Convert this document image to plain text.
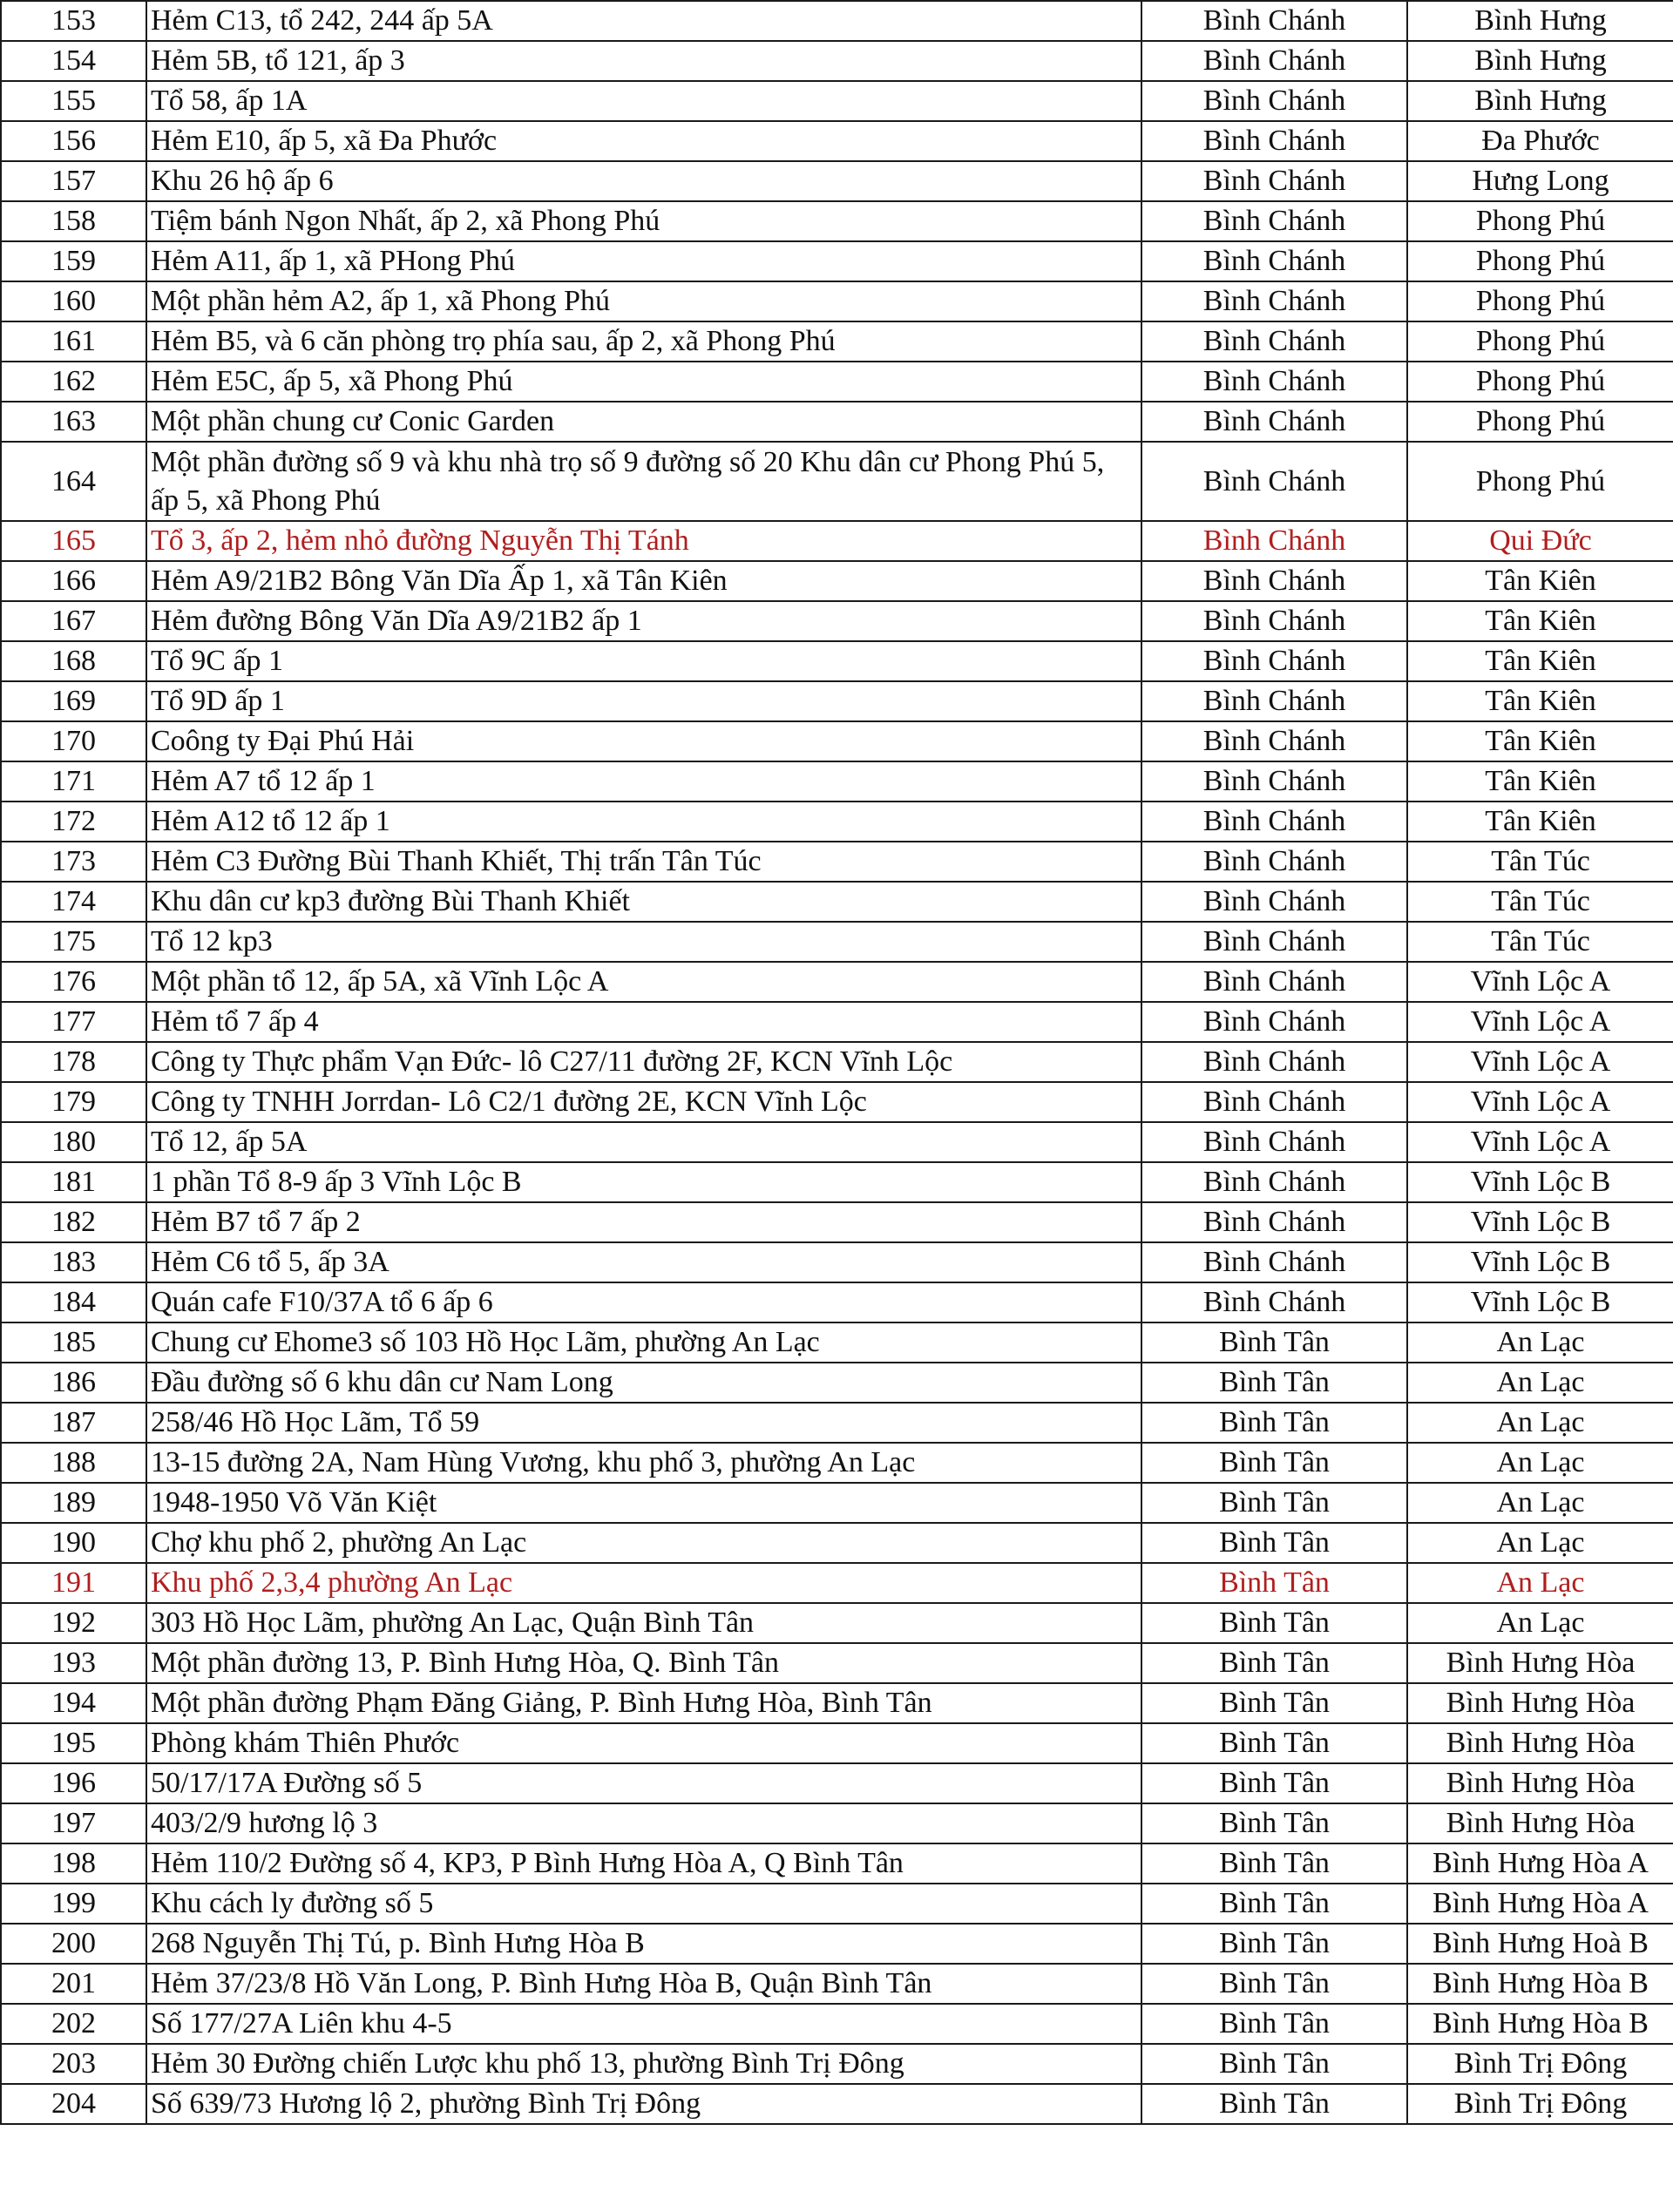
153	Hẻm C13, tổ 242, 244 ấp 5A	Bình Chánh	Bình Hưng
154	Hẻm 5B, tổ 121, ấp 3	Bình Chánh	Bình Hưng
155	Tổ 58, ấp 1A	Bình Chánh	Bình Hưng
156	Hẻm E10, ấp 5, xã Đa Phước	Bình Chánh	Đa Phước
157	Khu 26 hộ ấp 6	Bình Chánh	Hưng Long
158	Tiệm bánh Ngon Nhất, ấp 2, xã Phong Phú	Bình Chánh	Phong Phú
159	Hẻm A11, ấp 1, xã PHong Phú	Bình Chánh	Phong Phú
160	Một phần hẻm A2, ấp 1, xã Phong Phú	Bình Chánh	Phong Phú
161	Hẻm B5, và 6 căn phòng trọ phía sau, ấp 2, xã Phong Phú	Bình Chánh	Phong Phú
162	Hẻm E5C, ấp 5, xã Phong Phú	Bình Chánh	Phong Phú
163	Một phần chung cư Conic Garden	Bình Chánh	Phong Phú
164	Một phần đường số 9 và khu nhà trọ số 9 đường số 20 Khu dân cư Phong Phú 5, ấp 5, xã Phong Phú	Bình Chánh	Phong Phú
165	Tổ 3, ấp 2, hẻm nhỏ đường Nguyễn Thị Tánh	Bình Chánh	Qui Đức
166	Hẻm A9/21B2 Bông Văn Dĩa Ấp 1, xã Tân Kiên	Bình Chánh	Tân Kiên
167	Hẻm đường Bông Văn Dĩa A9/21B2 ấp 1	Bình Chánh	Tân Kiên
168	Tổ 9C ấp 1	Bình Chánh	Tân Kiên
169	Tổ 9D ấp 1	Bình Chánh	Tân Kiên
170	Coông ty Đại Phú Hải	Bình Chánh	Tân Kiên
171	Hẻm A7 tổ 12 ấp 1	Bình Chánh	Tân Kiên
172	Hẻm A12 tổ 12 ấp 1	Bình Chánh	Tân Kiên
173	Hẻm C3 Đường Bùi Thanh Khiết, Thị trấn Tân Túc	Bình Chánh	Tân Túc
174	Khu dân cư kp3 đường Bùi Thanh Khiết	Bình Chánh	Tân Túc
175	Tổ 12 kp3	Bình Chánh	Tân Túc
176	Một phần tổ 12, ấp 5A, xã Vĩnh Lộc A	Bình Chánh	Vĩnh Lộc A
177	Hẻm tổ 7 ấp 4	Bình Chánh	Vĩnh Lộc A
178	Công ty Thực phẩm Vạn Đức- lô C27/11 đường 2F, KCN Vĩnh Lộc	Bình Chánh	Vĩnh Lộc A
179	Công ty TNHH Jorrdan- Lô C2/1 đường 2E, KCN Vĩnh Lộc	Bình Chánh	Vĩnh Lộc A
180	Tổ 12, ấp 5A	Bình Chánh	Vĩnh Lộc A
181	1 phần Tổ 8-9 ấp 3 Vĩnh Lộc B	Bình Chánh	Vĩnh Lộc B
182	Hẻm B7 tổ 7 ấp 2	Bình Chánh	Vĩnh Lộc B
183	Hẻm C6 tổ 5, ấp 3A	Bình Chánh	Vĩnh Lộc B
184	Quán cafe F10/37A tổ 6 ấp 6	Bình Chánh	Vĩnh Lộc B
185	Chung cư Ehome3 số 103 Hồ Học Lãm, phường An Lạc	Bình Tân	An Lạc
186	Đầu đường số 6 khu dân cư Nam Long	Bình Tân	An Lạc
187	258/46 Hồ Học Lãm, Tổ 59	Bình Tân	An Lạc
188	13-15 đường 2A, Nam Hùng Vương, khu phố 3, phường An Lạc	Bình Tân	An Lạc
189	1948-1950 Võ Văn Kiệt	Bình Tân	An Lạc
190	Chợ khu phố 2, phường An Lạc	Bình Tân	An Lạc
191	Khu phố 2,3,4 phường An Lạc	Bình Tân	An Lạc
192	303 Hồ Học Lãm, phường An Lạc, Quận Bình Tân	Bình Tân	An Lạc
193	Một phần đường 13, P. Bình Hưng Hòa, Q. Bình Tân	Bình Tân	Bình Hưng Hòa
194	Một phần đường Phạm Đăng Giảng, P. Bình Hưng Hòa, Bình Tân	Bình Tân	Bình Hưng Hòa
195	Phòng khám Thiên Phước	Bình Tân	Bình Hưng Hòa
196	50/17/17A Đường số 5	Bình Tân	Bình Hưng Hòa
197	403/2/9 hương lộ 3	Bình Tân	Bình Hưng Hòa
198	Hẻm 110/2 Đường số 4, KP3, P Bình Hưng Hòa A, Q Bình Tân	Bình Tân	Bình Hưng Hòa A
199	Khu cách ly đường số 5	Bình Tân	Bình Hưng Hòa A
200	268 Nguyễn Thị Tú, p. Bình Hưng Hòa B	Bình Tân	Bình Hưng Hoà B
201	Hẻm 37/23/8 Hồ Văn Long, P. Bình Hưng Hòa B, Quận Bình Tân	Bình Tân	Bình Hưng Hòa B
202	Số 177/27A Liên khu 4-5	Bình Tân	Bình Hưng Hòa B
203	Hẻm 30 Đường chiến Lược khu phố 13, phường Bình Trị Đông	Bình Tân	Bình Trị Đông
204	Số 639/73 Hương lộ 2, phường Bình Trị Đông	Bình Tân	Bình Trị Đông
